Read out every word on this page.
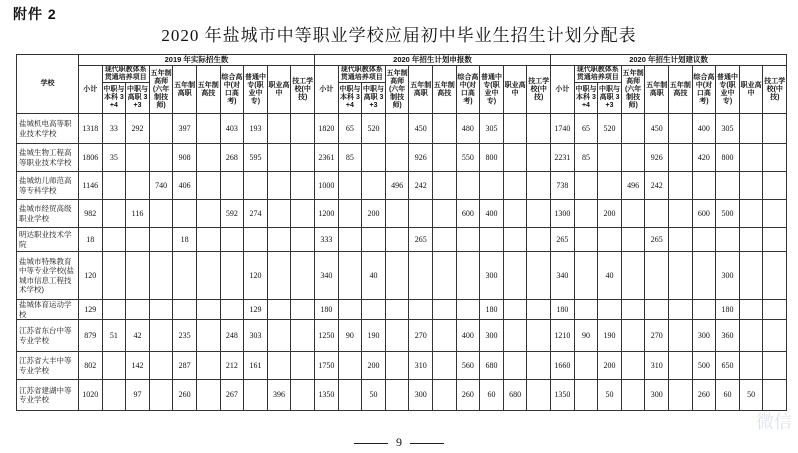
附件 2
2020 年盐城市中等职业学校应届初中毕业生招生计划分配表
学校	2019 年实际招生数										2020 年招生计划申报数										2020 年招生计划建议数									
	小计	现代职教体系贯通培养项目		五年制高师(六年制技师)	五年制高职	五年制高技	综合高中(对口高考)	普通中专(职业中专)	职业高中	技工学校(中技)	小计	现代职教体系贯通培养项目		五年制高师(六年制技师)	五年制高职	五年制高技	综合高中(对口高考)	普通中专(职业中专)	职业高中	技工学校(中技)	小计	现代职教体系贯通培养项目		五年制高师(六年制技师)	五年制高职	五年制高技	综合高中(对口高考)	普通中专(职业中专)	职业高中	技工学校(中技)
		中职与本科 3+4	中职与高职 3+3									中职与本科 3+4	中职与高职 3+3									中职与本科 3+4	中职与高职 3+3							
盐城机电高等职业技术学校	1318	33	292		397		403	193			1820	65	520		450		480	305			1740	65	520		450		400	305		
盐城生物工程高等职业技术学校	1806	35			908		268	595			2361	85			926		550	800			2231	85			926		420	800		
盐城幼儿师范高等专科学校	1146			740	406						1000			496	242						738			496	242					
盐城市经贸高级职业学校	982		116				592	274			1200		200				600	400			1300		200				600	500		
明达职业技术学院	18				18						333				265						265				265					
盐城市特殊教育中等专业学校(盐城市信息工程技术学校)	120							120			340		40					300			340		40					300		
盐城体育运动学校	129							129			180							180			180							180		
江苏省东台中等专业学校	879	51	42		235		248	303			1250	90	190		270		400	300			1210	90	190		270		300	360		
江苏省大丰中等专业学校	802		142		287		212	161			1750		200		310		560	680			1660		200		310		500	650		
江苏省建湖中等专业学校	1020		97		260		267		396		1350		50		300		260	60	680		1350		50		300		260	60	50	
9
微信
